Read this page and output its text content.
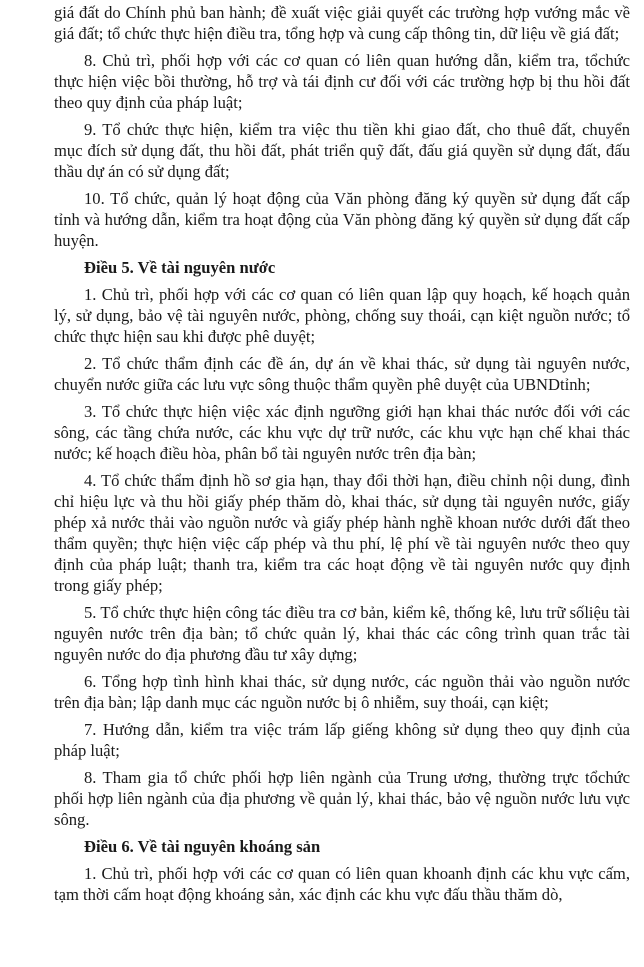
giá đất do Chính phủ ban hành; đề xuất việc giải quyết các trường hợp vướng mắc về giá đất; tổ chức thực hiện điều tra, tổng hợp và cung cấp thông tin, dữ liệu về giá đất;

8. Chủ trì, phối hợp với các cơ quan có liên quan hướng dẫn, kiểm tra, tổchức thực hiện việc bồi thường, hỗ trợ và tái định cư đối với các trường hợp bị thu hồi đất theo quy định của pháp luật;

9. Tổ chức thực hiện, kiểm tra việc thu tiền khi giao đất, cho thuê đất, chuyển mục đích sử dụng đất, thu hồi đất, phát triển quỹ đất, đấu giá quyền sử dụng đất, đấu thầu dự án có sử dụng đất;

10. Tổ chức, quản lý hoạt động của Văn phòng đăng ký quyền sử dụng đất cấp tỉnh và hướng dẫn, kiểm tra hoạt động của Văn phòng đăng ký quyền sử dụng đất cấp huyện.

Điều 5. Về tài nguyên nước

1. Chủ trì, phối hợp với các cơ quan có liên quan lập quy hoạch, kế hoạch quản lý, sử dụng, bảo vệ tài nguyên nước, phòng, chống suy thoái, cạn kiệt nguồn nước; tổ chức thực hiện sau khi được phê duyệt;

2. Tổ chức thẩm định các đề án, dự án về khai thác, sử dụng tài nguyên nước, chuyển nước giữa các lưu vực sông thuộc thẩm quyền phê duyệt của UBNDtỉnh;

3. Tổ chức thực hiện việc xác định ngưỡng giới hạn khai thác nước đối với các sông, các tầng chứa nước, các khu vực dự trữ nước, các khu vực hạn chế khai thác nước; kế hoạch điều hòa, phân bổ tài nguyên nước trên địa bàn;

4. Tổ chức thẩm định hồ sơ gia hạn, thay đổi thời hạn, điều chỉnh nội dung, đình chỉ hiệu lực và thu hồi giấy phép thăm dò, khai thác, sử dụng tài nguyên nước, giấy phép xả nước thải vào nguồn nước và giấy phép hành nghề khoan nước dưới đất theo thẩm quyền; thực hiện việc cấp phép và thu phí, lệ phí về tài nguyên nước theo quy định của pháp luật; thanh tra, kiểm tra các hoạt động về tài nguyên nước quy định trong giấy phép;

5. Tổ chức thực hiện công tác điều tra cơ bản, kiểm kê, thống kê, lưu trữ sốliệu tài nguyên nước trên địa bàn; tổ chức quản lý, khai thác các công trình quan trắc tài nguyên nước do địa phương đầu tư xây dựng;

6. Tổng hợp tình hình khai thác, sử dụng nước, các nguồn thải vào nguồn nước trên địa bàn; lập danh mục các nguồn nước bị ô nhiễm, suy thoái, cạn kiệt;

7. Hướng dẫn, kiểm tra việc trám lấp giếng không sử dụng theo quy định của pháp luật;

8. Tham gia tổ chức phối hợp liên ngành của Trung ương, thường trực tổchức phối hợp liên ngành của địa phương về quản lý, khai thác, bảo vệ nguồn nước lưu vực sông.

Điều 6. Về tài nguyên khoáng sản

1. Chủ trì, phối hợp với các cơ quan có liên quan khoanh định các khu vực cấm, tạm thời cấm hoạt động khoáng sản, xác định các khu vực đấu thầu thăm dò,
